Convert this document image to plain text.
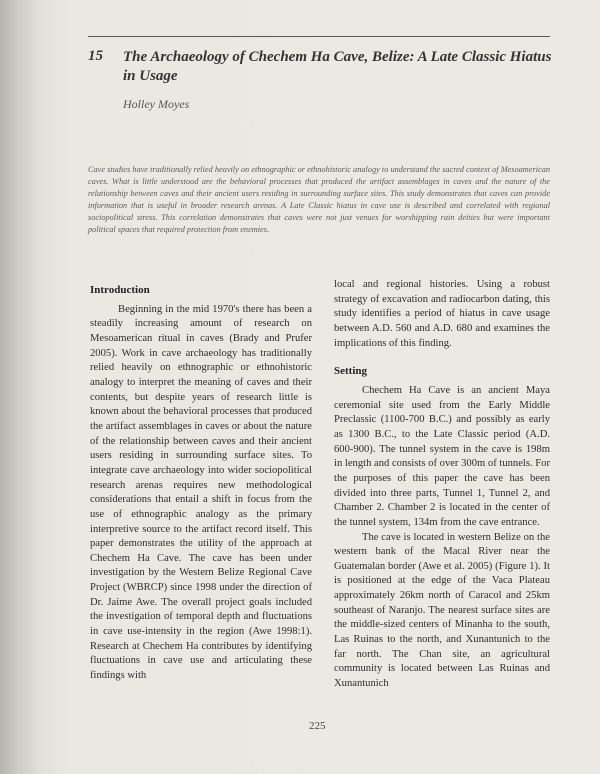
15 The Archaeology of Chechem Ha Cave, Belize: A Late Classic Hiatus in Usage
Holley Moyes
Cave studies have traditionally relied heavily on ethnographic or ethnohistoric analogy to understand the sacred context of Mesoamerican caves. What is little understood are the behavioral processes that produced the artifact assemblages in caves and the nature of the relationship between caves and their ancient users residing in surrounding surface sites. This study demonstrates that caves can provide information that is useful in broader research arenas. A Late Classic hiatus in cave use is described and correlated with regional sociopolitical stress. This correlation demonstrates that caves were not just venues for worshipping rain deities but were important political spaces that required protection from enemies.
Introduction

Beginning in the mid 1970's there has been a steadily increasing amount of research on Mesoamerican ritual in caves (Brady and Prufer 2005). Work in cave archaeology has traditionally relied heavily on ethnographic or ethnohistoric analogy to interpret the meaning of caves and their contents, but despite years of research little is known about the behavioral processes that produced the artifact assemblages in caves or about the nature of the relationship between caves and their ancient users residing in surrounding surface sites. To integrate cave archaeology into wider sociopolitical research arenas requires new methodological considerations that entail a shift in focus from the use of ethnographic analogy as the primary interpretive source to the artifact record itself. This paper demonstrates the utility of the approach at Chechem Ha Cave. The cave has been under investigation by the Western Belize Regional Cave Project (WBRCP) since 1998 under the direction of Dr. Jaime Awe. The overall project goals included the investigation of temporal depth and fluctuations in cave use-intensity in the region (Awe 1998:1). Research at Chechem Ha contributes by identifying fluctuations in cave use and articulating these findings with

local and regional histories. Using a robust strategy of excavation and radiocarbon dating, this study identifies a period of hiatus in cave usage between A.D. 560 and A.D. 680 and examines the implications of this finding.

Setting

Chechem Ha Cave is an ancient Maya ceremonial site used from the Early Middle Preclassic (1100-700 B.C.) and possibly as early as 1300 B.C., to the Late Classic period (A.D. 600-900). The tunnel system in the cave is 198m in length and consists of over 300m of tunnels. For the purposes of this paper the cave has been divided into three parts, Tunnel 1, Tunnel 2, and Chamber 2. Chamber 2 is located in the center of the tunnel system, 134m from the cave entrance.

The cave is located in western Belize on the western bank of the Macal River near the Guatemalan border (Awe et al. 2005) (Figure 1). It is positioned at the edge of the Vaca Plateau approximately 26km north of Caracol and 25km southeast of Naranjo. The nearest surface sites are the middle-sized centers of Minanha to the south, Las Ruinas to the north, and Xunantunich to the far north. The Chan site, an agricultural community is located between Las Ruinas and Xunantunich

225
